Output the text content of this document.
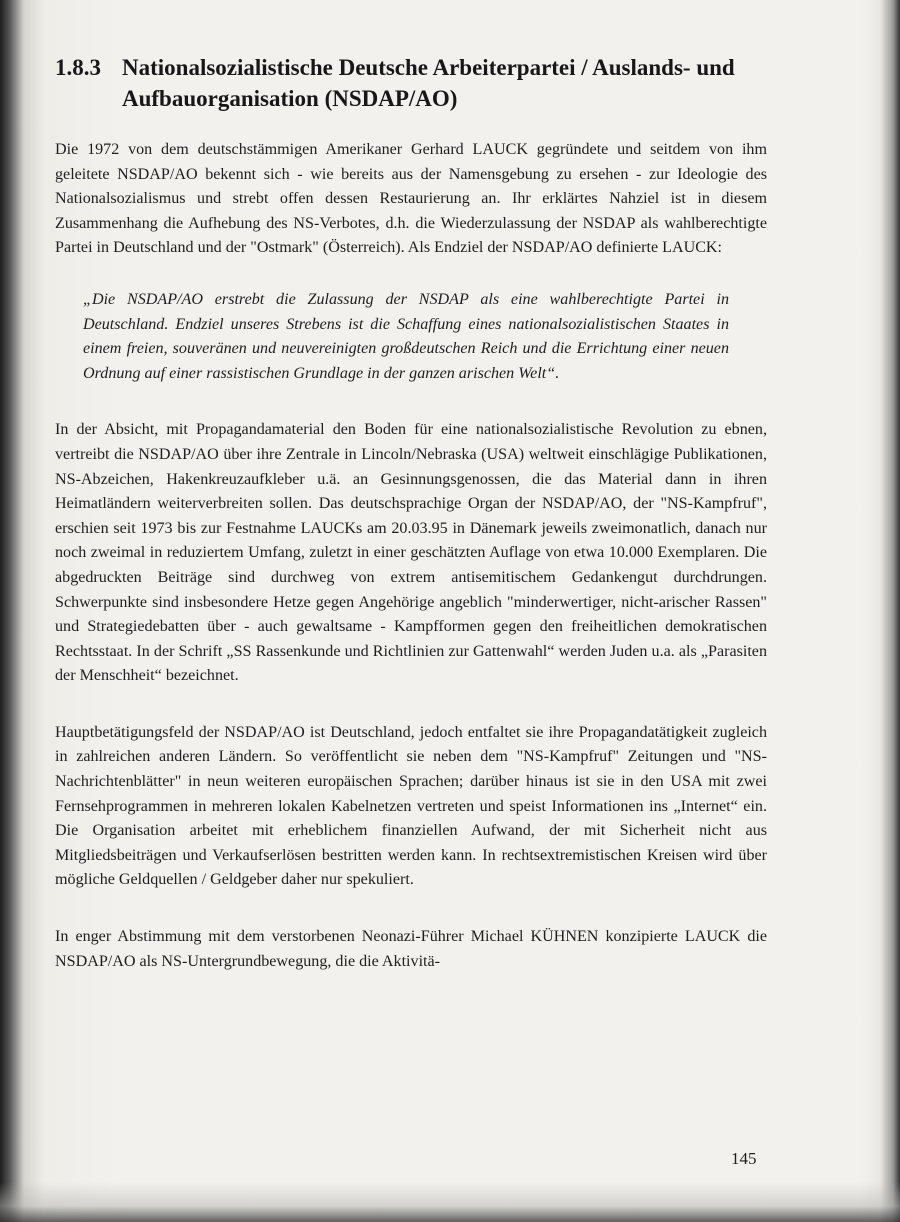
1.8.3 Nationalsozialistische Deutsche Arbeiterpartei / Auslands- und Aufbauorganisation (NSDAP/AO)

Die 1972 von dem deutschstämmigen Amerikaner Gerhard LAUCK gegründete und seitdem von ihm geleitete NSDAP/AO bekennt sich - wie bereits aus der Namensgebung zu ersehen - zur Ideologie des Nationalsozialismus und strebt offen dessen Restaurierung an. Ihr erklärtes Nahziel ist in diesem Zusammenhang die Aufhebung des NS-Verbotes, d.h. die Wiederzulassung der NSDAP als wahlberechtigte Partei in Deutschland und der "Ostmark" (Österreich). Als Endziel der NSDAP/AO definierte LAUCK:

„Die NSDAP/AO erstrebt die Zulassung der NSDAP als eine wahlberechtigte Partei in Deutschland. Endziel unseres Strebens ist die Schaffung eines nationalsozialistischen Staates in einem freien, souveränen und neuvereinigten großdeutschen Reich und die Errichtung einer neuen Ordnung auf einer rassistischen Grundlage in der ganzen arischen Welt“.

In der Absicht, mit Propagandamaterial den Boden für eine nationalsozialistische Revolution zu ebnen, vertreibt die NSDAP/AO über ihre Zentrale in Lincoln/Nebraska (USA) weltweit einschlägige Publikationen, NS-Abzeichen, Hakenkreuzaufkleber u.ä. an Gesinnungsgenossen, die das Material dann in ihren Heimatländern weiterverbreiten sollen. Das deutschsprachige Organ der NSDAP/AO, der "NS-Kampfruf", erschien seit 1973 bis zur Festnahme LAUCKs am 20.03.95 in Dänemark jeweils zweimonatlich, danach nur noch zweimal in reduziertem Umfang, zuletzt in einer geschätzten Auflage von etwa 10.000 Exemplaren. Die abgedruckten Beiträge sind durchweg von extrem antisemitischem Gedankengut durchdrungen. Schwerpunkte sind insbesondere Hetze gegen Angehörige angeblich "minderwertiger, nicht-arischer Rassen" und Strategiedebatten über - auch gewaltsame - Kampfformen gegen den freiheitlichen demokratischen Rechtsstaat. In der Schrift „SS Rassenkunde und Richtlinien zur Gattenwahl“ werden Juden u.a. als „Parasiten der Menschheit“ bezeichnet.

Hauptbetätigungsfeld der NSDAP/AO ist Deutschland, jedoch entfaltet sie ihre Propagandatätigkeit zugleich in zahlreichen anderen Ländern. So veröffentlicht sie neben dem "NS-Kampfruf" Zeitungen und "NS-Nachrichtenblätter" in neun weiteren europäischen Sprachen; darüber hinaus ist sie in den USA mit zwei Fernsehprogrammen in mehreren lokalen Kabelnetzen vertreten und speist Informationen ins „Internet“ ein. Die Organisation arbeitet mit erheblichem finanziellen Aufwand, der mit Sicherheit nicht aus Mitgliedsbeiträgen und Verkaufserlösen bestritten werden kann. In rechtsextremistischen Kreisen wird über mögliche Geldquellen / Geldgeber daher nur spekuliert.

In enger Abstimmung mit dem verstorbenen Neonazi-Führer Michael KÜHNEN konzipierte LAUCK die NSDAP/AO als NS-Untergrundbewegung, die die Aktivitä-

145
